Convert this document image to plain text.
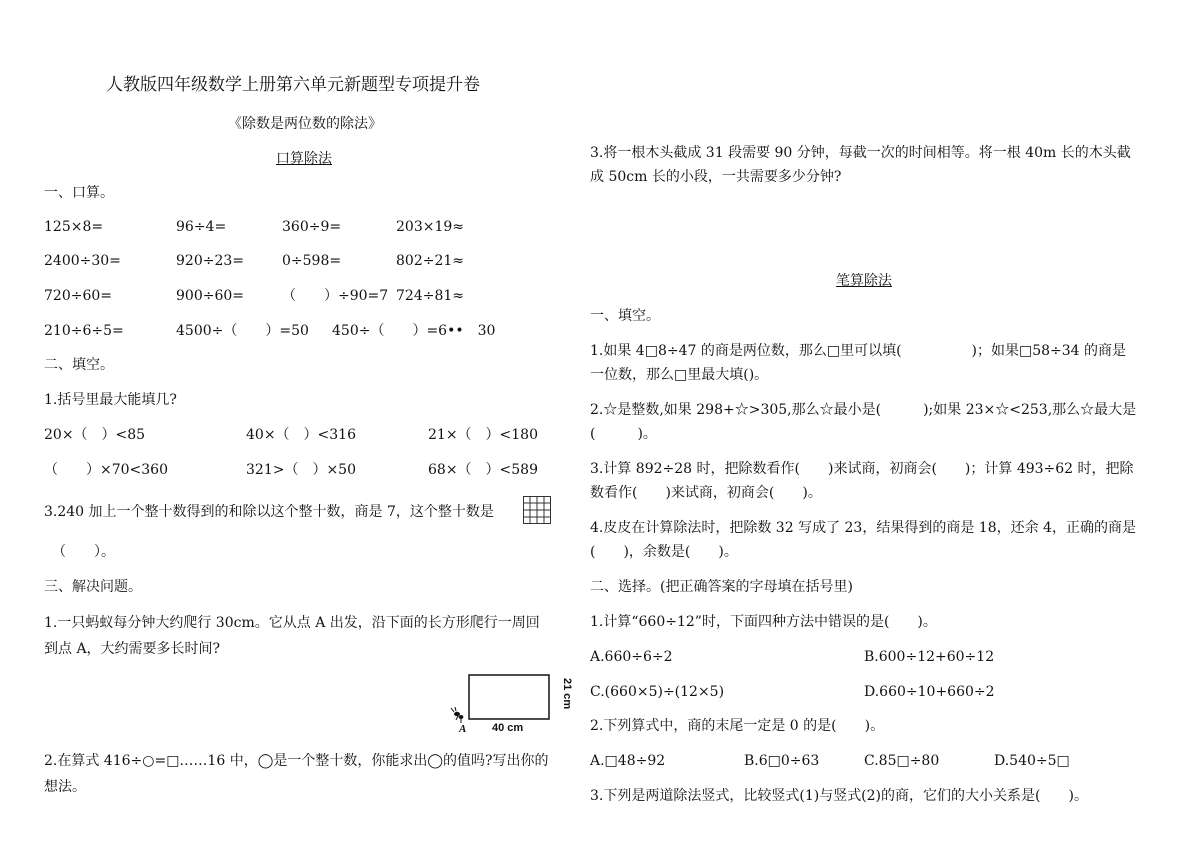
人教版四年级数学上册第六单元新题型专项提升卷
《除数是两位数的除法》
口算除法
一、口算。
125×8=	96÷4=	360÷9=	203×19≈
2400÷30=	920÷23=	0÷598=	802÷21≈
720÷60=	900÷60=	（　　）÷90=7 724÷81≈
210÷6÷5=	4500÷（　　）=50 450÷（　　）=6••　30
二、填空。
1.括号里最大能填几?
20×（　）<85	40×（　）<316	21×（　）<180
（　　）×70<360	321>（　）×50	68×（　）<589
3.240 加上一个整十数得到的和除以这个整十数，商是 7，这个整十数是
（　　）。
三、解决问题。
1.一只蚂蚁每分钟大约爬行 30cm。它从点 A 出发，沿下面的长方形爬行一周回
到点 A，大约需要多长时间?
A 40 cm
21 cm
2.在算式 416÷○=□……16 中，◯是一个整十数，你能求出◯的值吗?写出你的
想法。
3.将一根木头截成 31 段需要 90 分钟，每截一次的时间相等。将一根 40m 长的木头截
成 50cm 长的小段，一共需要多少分钟?
笔算除法
一、填空。
1.如果 4□8÷47 的商是两位数，那么□里可以填(　　　　　)；如果□58÷34 的商是
一位数，那么□里最大填()。
2.☆是整数,如果 298+☆>305,那么☆最小是(　　　);如果 23×☆<253,那么☆最大是
(　　　)。
3.计算 892÷28 时，把除数看作(　　)来试商，初商会(　　)；计算 493÷62 时，把除
数看作(　　)来试商，初商会(　　)。
4.皮皮在计算除法时，把除数 32 写成了 23，结果得到的商是 18，还余 4，正确的商是
(　　)，余数是(　　)。
二、选择。(把正确答案的字母填在括号里)
1.计算“660÷12”时，下面四种方法中错误的是(　　)。
A.660÷6÷2	B.600÷12+60÷12
C.(660×5)÷(12×5)	D.660÷10+660÷2
2.下列算式中，商的末尾一定是 0 的是(　　)。
A.□48÷92	B.6□0÷63	C.85□÷80	D.540÷5□
3.下列是两道除法竖式，比较竖式(1)与竖式(2)的商，它们的大小关系是(　　)。
